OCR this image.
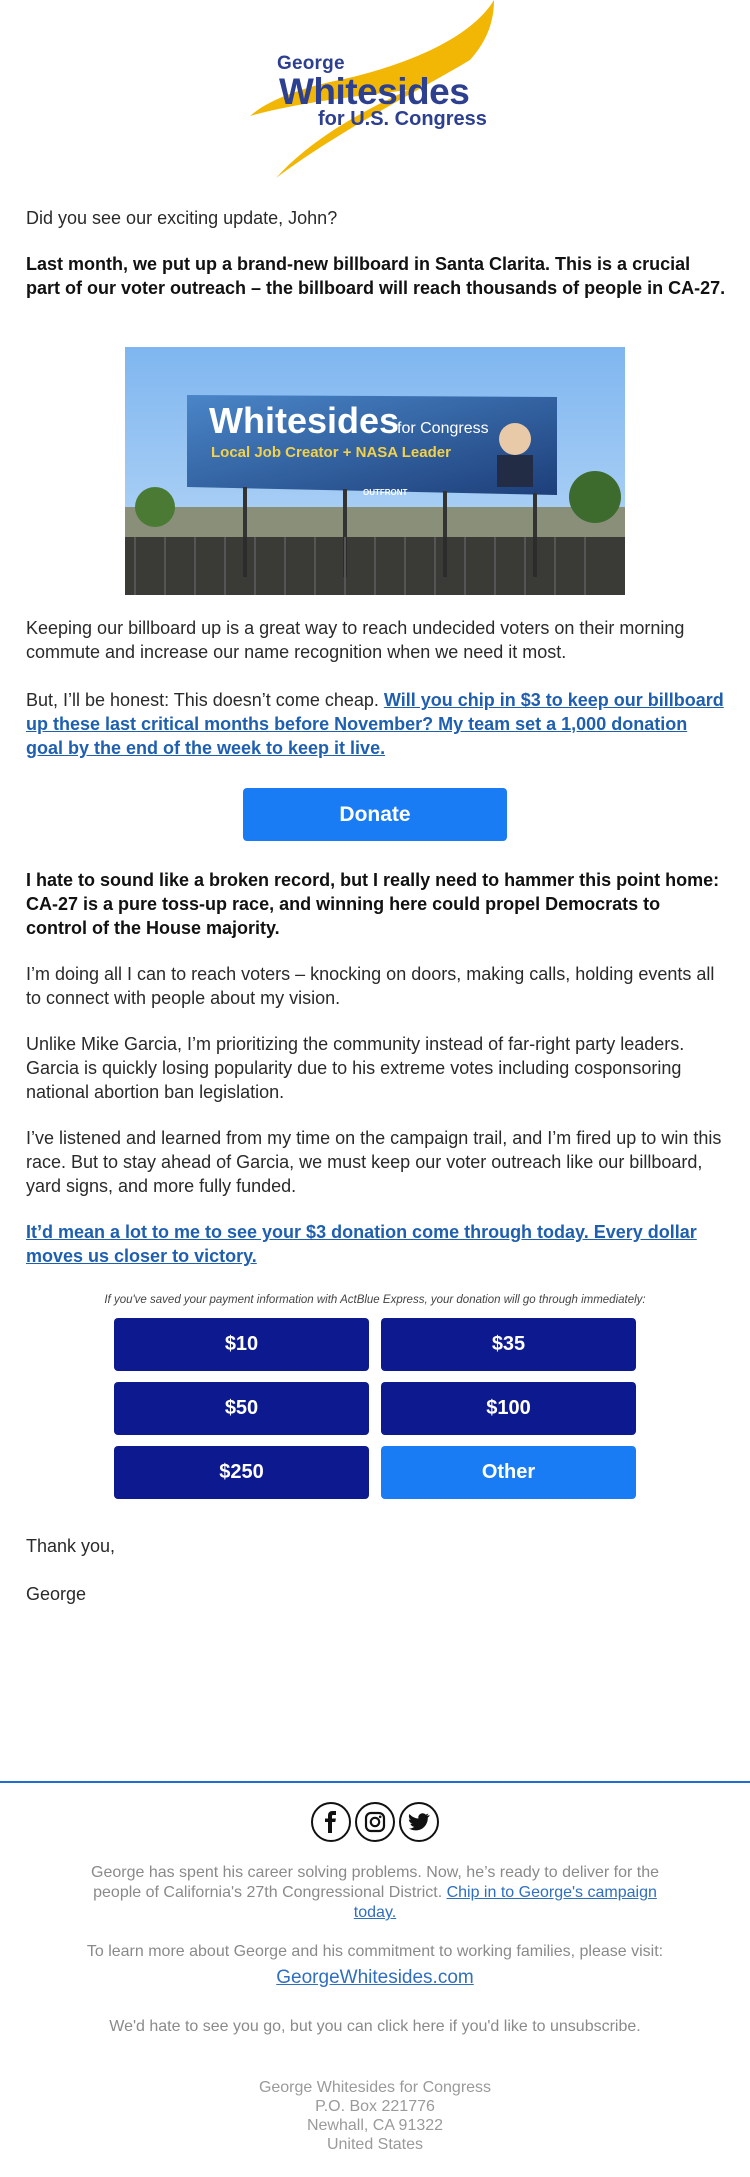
George
Whitesides
for U.S. Congress
Did you see our exciting update, John?
Last month, we put up a brand-new billboard in Santa Clarita. This is a crucial part of our voter outreach – the billboard will reach thousands of people in CA-27.
Whitesides
for Congress
Local Job Creator + NASA Leader
OUTFRONT
Keeping our billboard up is a great way to reach undecided voters on their morning commute and increase our name recognition when we need it most.
But, I’ll be honest: This doesn’t come cheap. Will you chip in $3 to keep our billboard up these last critical months before November? My team set a 1,000 donation goal by the end of the week to keep it live.
Donate
I hate to sound like a broken record, but I really need to hammer this point home: CA-27 is a pure toss-up race, and winning here could propel Democrats to control of the House majority.
I’m doing all I can to reach voters – knocking on doors, making calls, holding events all to connect with people about my vision.
Unlike Mike Garcia, I’m prioritizing the community instead of far-right party leaders. Garcia is quickly losing popularity due to his extreme votes including cosponsoring national abortion ban legislation.
I’ve listened and learned from my time on the campaign trail, and I’m fired up to win this race. But to stay ahead of Garcia, we must keep our voter outreach like our billboard, yard signs, and more fully funded.
It’d mean a lot to me to see your $3 donation come through today. Every dollar moves us closer to victory.
If you've saved your payment information with ActBlue Express, your donation will go through immediately:
$10	$35
$50	$100
$250	Other
Thank you,
George
George has spent his career solving problems. Now, he’s ready to deliver for the people of California's 27th Congressional District. Chip in to George's campaign today.
To learn more about George and his commitment to working families, please visit:
GeorgeWhitesides.com
We'd hate to see you go, but you can click here if you'd like to unsubscribe.
George Whitesides for Congress
P.O. Box 221776
Newhall, CA 91322
United States
